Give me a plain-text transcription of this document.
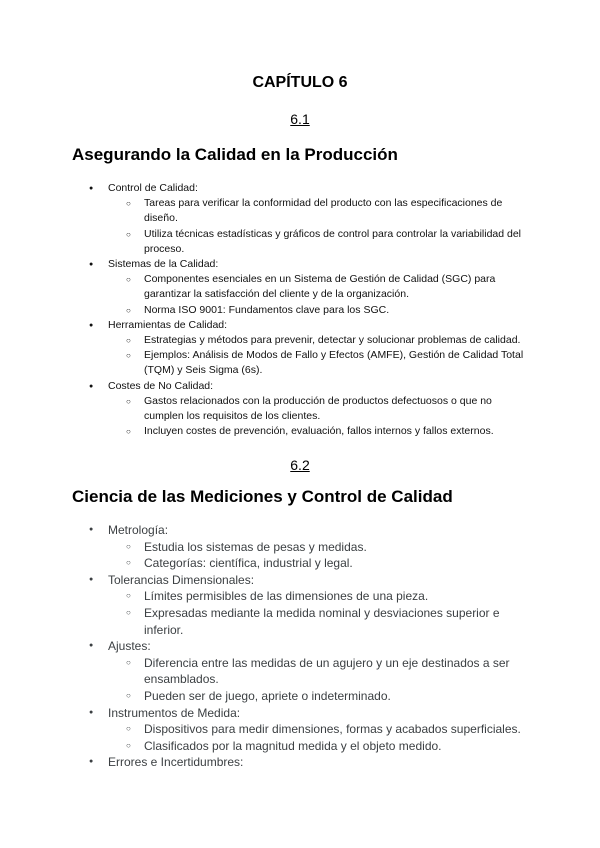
CAPÍTULO 6
6.1
Asegurando la Calidad en la Producción
● Control de Calidad:
○ Tareas para verificar la conformidad del producto con las especificaciones de diseño.
○ Utiliza técnicas estadísticas y gráficos de control para controlar la variabilidad del proceso.
● Sistemas de la Calidad:
○ Componentes esenciales en un Sistema de Gestión de Calidad (SGC) para garantizar la satisfacción del cliente y de la organización.
○ Norma ISO 9001: Fundamentos clave para los SGC.
● Herramientas de Calidad:
○ Estrategias y métodos para prevenir, detectar y solucionar problemas de calidad.
○ Ejemplos: Análisis de Modos de Fallo y Efectos (AMFE), Gestión de Calidad Total (TQM) y Seis Sigma (6s).
● Costes de No Calidad:
○ Gastos relacionados con la producción de productos defectuosos o que no cumplen los requisitos de los clientes.
○ Incluyen costes de prevención, evaluación, fallos internos y fallos externos.
6.2
Ciencia de las Mediciones y Control de Calidad
● Metrología:
○ Estudia los sistemas de pesas y medidas.
○ Categorías: científica, industrial y legal.
● Tolerancias Dimensionales:
○ Límites permisibles de las dimensiones de una pieza.
○ Expresadas mediante la medida nominal y desviaciones superior e inferior.
● Ajustes:
○ Diferencia entre las medidas de un agujero y un eje destinados a ser ensamblados.
○ Pueden ser de juego, apriete o indeterminado.
● Instrumentos de Medida:
○ Dispositivos para medir dimensiones, formas y acabados superficiales.
○ Clasificados por la magnitud medida y el objeto medido.
● Errores e Incertidumbres:
